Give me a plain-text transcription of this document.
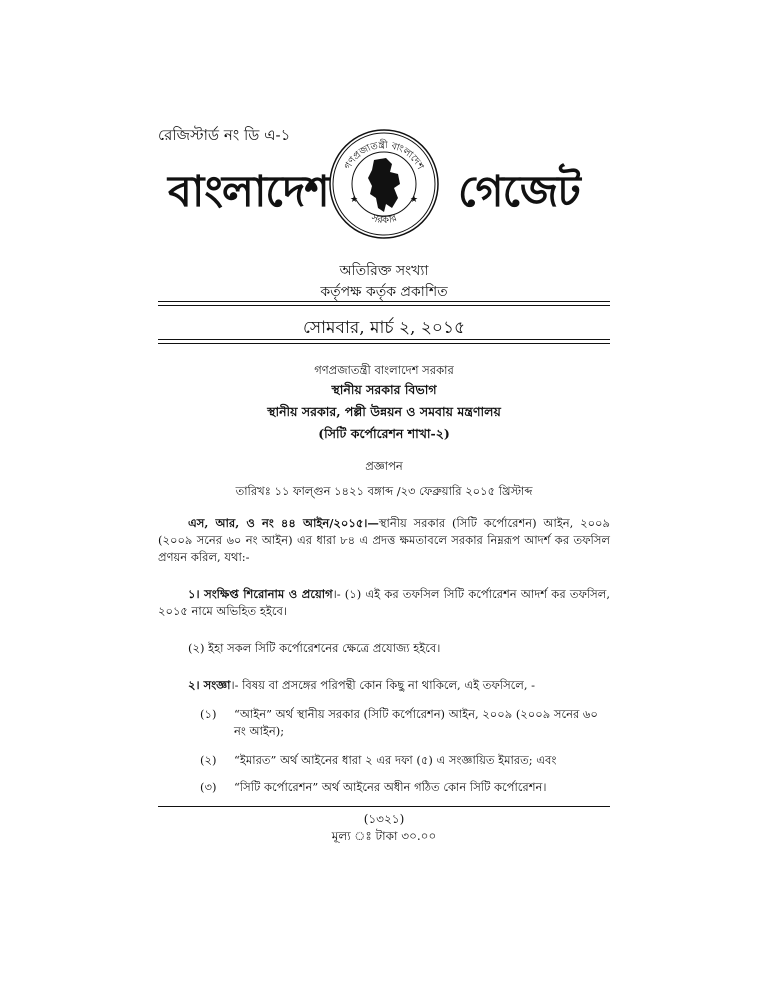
রেজিস্টার্ড নং ডি এ-১
বাংলাদেশ	গেজেট
গণপ্রজাতন্ত্রী বাংলাদেশ
সরকার
★	★
অতিরিক্ত সংখ্যা
কর্তৃপক্ষ কর্তৃক প্রকাশিত
সোমবার, মার্চ ২, ২০১৫
গণপ্রজাতন্ত্রী বাংলাদেশ সরকার
স্থানীয় সরকার বিভাগ
স্থানীয় সরকার, পল্লী উন্নয়ন ও সমবায় মন্ত্রণালয়
(সিটি কর্পোরেশন শাখা-২)
প্রজ্ঞাপন
তারিখঃ ১১ ফাল্গুন ১৪২১ বঙ্গাব্দ /২৩ ফেব্রুয়ারি ২০১৫ খ্রিস্টাব্দ
এস, আর, ও নং ৪৪ আইন/২০১৫।—স্থানীয় সরকার (সিটি কর্পোরেশন) আইন, ২০০৯ (২০০৯ সনের ৬০ নং আইন) এর ধারা ৮৪ এ প্রদত্ত ক্ষমতাবলে সরকার নিম্নরূপ আদর্শ কর তফসিল প্রণয়ন করিল, যথা:-
১। সংক্ষিপ্ত শিরোনাম ও প্রয়োগ।- (১) এই কর তফসিল সিটি কর্পোরেশন আদর্শ কর তফসিল, ২০১৫ নামে অভিহিত হইবে।
(২) ইহা সকল সিটি কর্পোরেশনের ক্ষেত্রে প্রযোজ্য হইবে।
২। সংজ্ঞা।- বিষয় বা প্রসঙ্গের পরিপন্থী কোন কিছু না থাকিলে, এই তফসিলে, -
(১)	“আইন” অর্থ স্থানীয় সরকার (সিটি কর্পোরেশন) আইন, ২০০৯ (২০০৯ সনের ৬০ নং আইন);
(২)	“ইমারত” অর্থ আইনের ধারা ২ এর দফা (৫) এ সংজ্ঞায়িত ইমারত; এবং
(৩)	“সিটি কর্পোরেশন” অর্থ আইনের অধীন গঠিত কোন সিটি কর্পোরেশন।
(১৩২১)
মূল্য ঃ টাকা ৩০.০০
